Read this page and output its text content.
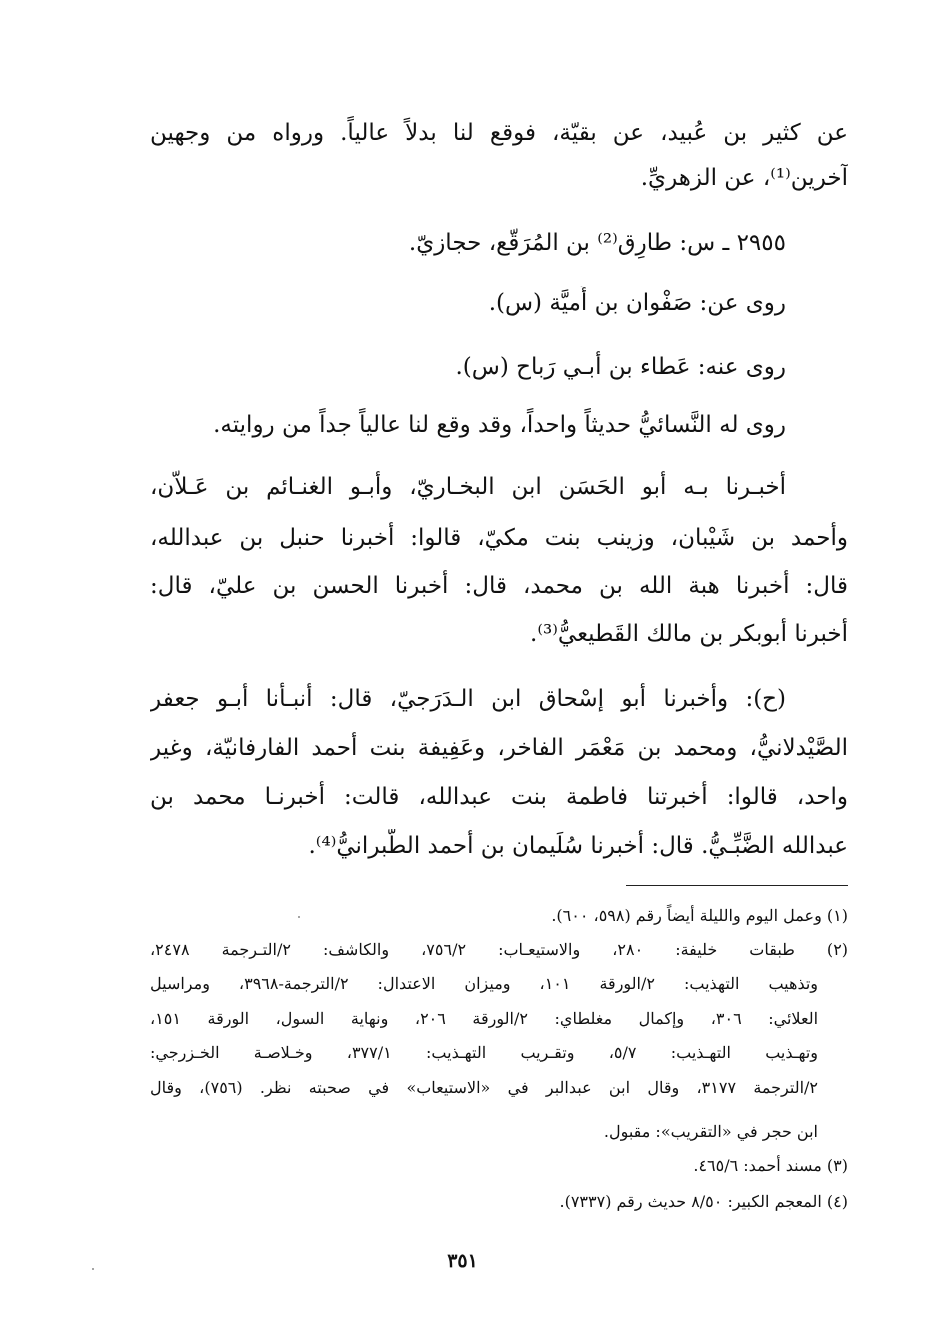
عن كثير بن عُبيد، عن بقيّة، فوقع لنا بدلاً عالياً. ورواه من وجهين
آخرين⁽¹⁾، عن الزهريِّ.
٢٩٥٥ ـ س: طارِق⁽²⁾ بن المُرَقّع، حجازيّ.
روى عن: صَفْوان بن أُميَّة (س).
روى عنه: عَطاء بن أبـي رَباح (س).
روى له النَّسائيُّ حديثاً واحداً، وقد وقع لنا عالياً جداً من روايته.
أخبـرنا بـه أبو الحَسَن ابن البخـاريّ، وأبـو الغنـائم بن عَـلاّن،
وأحمد بن شَيْبان، وزينب بنت مكيّ، قالوا: أخبرنا حنبل بن عبدالله،
قال: أخبرنا هبة الله بن محمد، قال: أخبرنا الحسن بن عليّ، قال:
أخبرنا أبوبكر بن مالك القَطيعيُّ⁽³⁾.
(ح): وأخبرنا أبو إسْحاق ابن الـدَرَجيّ، قال: أنبـأنا أبـو جعفر
الصَّيْدلانيُّ، ومحمد بن مَعْمَر الفاخر، وعَفِيفة بنت أحمد الفارفانيّة، وغير
واحد، قالوا: أخبرتنا فاطمة بنت عبدالله، قالت: أخبرنـا محمد بن
عبدالله الضَّبِّـيُّ. قال: أخبرنا سُلَيمان بن أحمد الطَّبرانيُّ⁽⁴⁾.
(١) وعمل اليوم والليلة أيضاً رقم (٥٩٨، ٦٠٠).
(٢) طبقات خليفة: ٢٨٠، والاستيعـاب: ٧٥٦/٢، والكاشف: ٢/التـرجمة ٢٤٧٨،
وتذهيب التهذيب: ٢/الورقة ١٠١، وميزان الاعتدال: ٢/الترجمة-٣٩٦٨، ومراسيل
العلائي: ٣٠٦، وإكمال مغلطاي: ٢/الورقة ٢٠٦، ونهاية السول، الورقة ١٥١،
وتهـذيب التهـذيب: ٥/٧، وتقـريب التهـذيب: ٣٧٧/١، وخـلاصـة الخـزرجي:
٢/الترجمة ٣١٧٧، وقال ابن عبدالبر في «الاستيعاب» في صحبته نظر. (٧٥٦)، وقال
ابن حجر في «التقريب»: مقبول.
(٣) مسند أحمد: ٤٦٥/٦.
(٤) المعجم الكبير: ٨/٥٠ حديث رقم (٧٣٣٧).
٣٥١
